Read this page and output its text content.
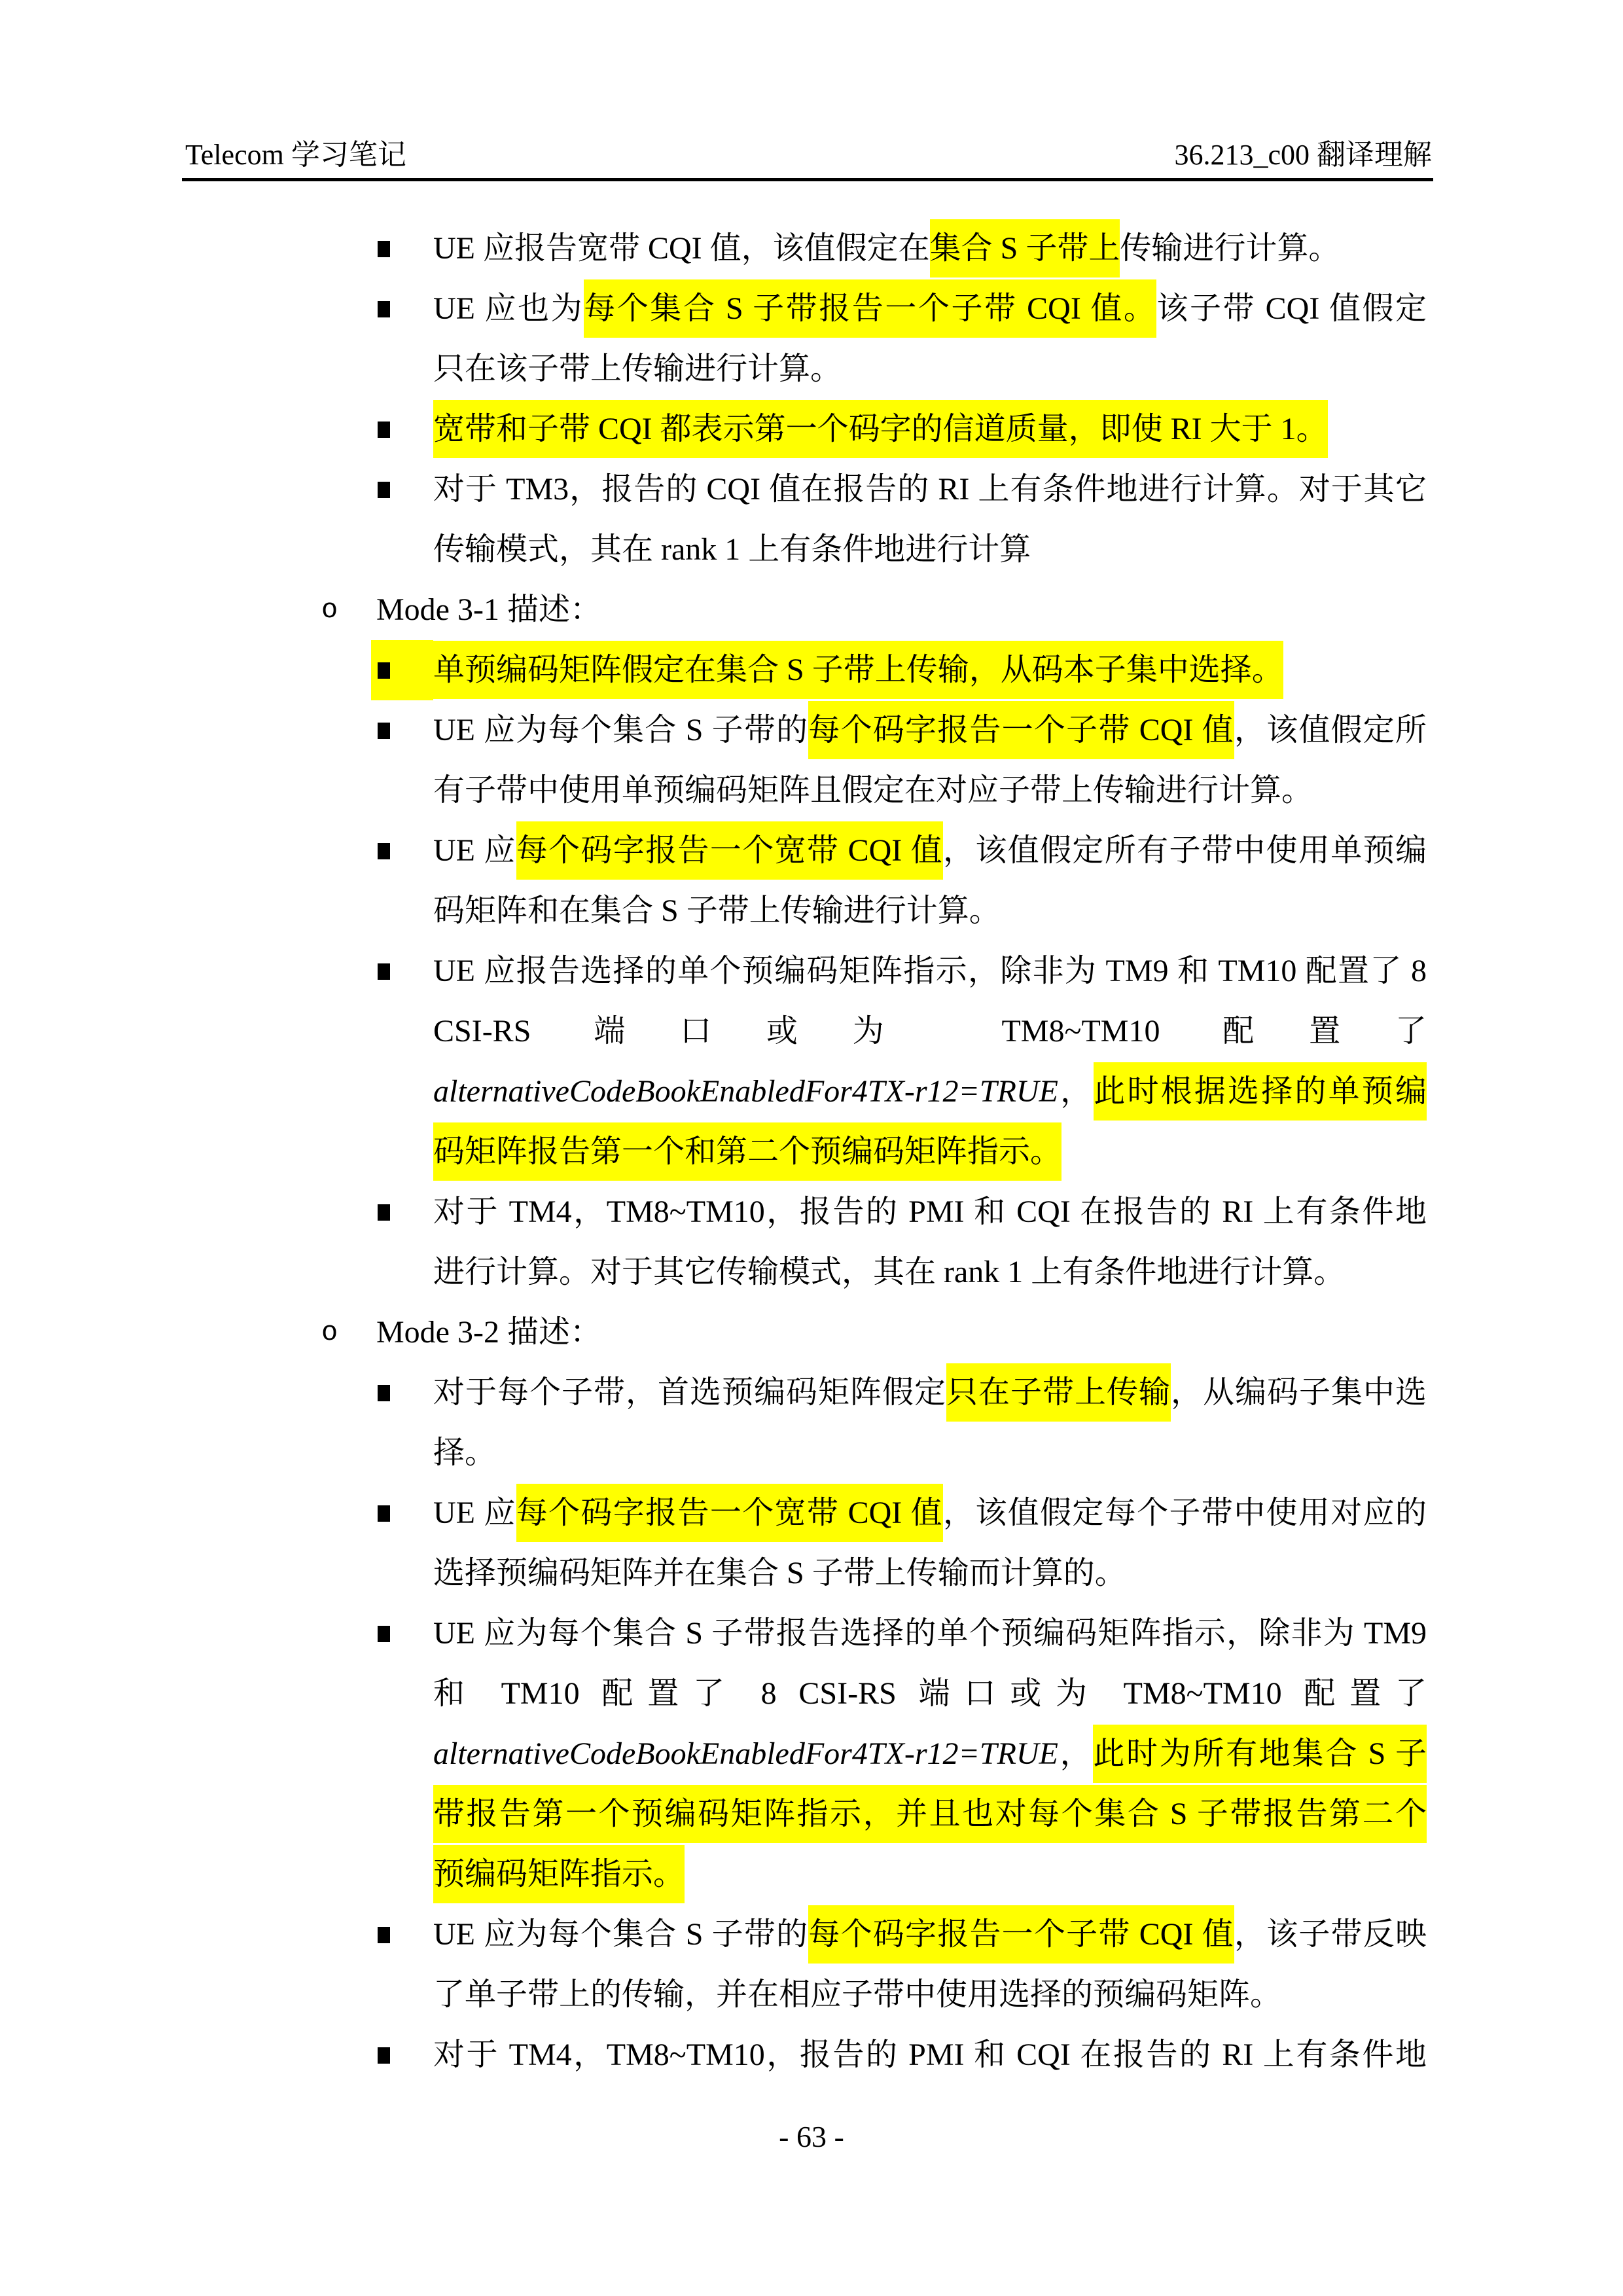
Telecom 学习笔记	36.213_c00 翻译理解
UE 应报告宽带 CQI 值，该值假定在集合 S 子带上传输进行计算。
UE 应也为每个集合 S 子带报告一个子带 CQI 值。该子带 CQI 值假定
只在该子带上传输进行计算。
宽带和子带 CQI 都表示第一个码字的信道质量，即使 RI 大于 1。
对于 TM3，报告的 CQI 值在报告的 RI 上有条件地进行计算。对于其它
传输模式，其在 rank 1 上有条件地进行计算
o Mode 3-1 描述：
单预编码矩阵假定在集合 S 子带上传输，从码本子集中选择。
UE 应为每个集合 S 子带的每个码字报告一个子带 CQI 值，该值假定所
有子带中使用单预编码矩阵且假定在对应子带上传输进行计算。
UE 应每个码字报告一个宽带 CQI 值，该值假定所有子带中使用单预编
码矩阵和在集合 S 子带上传输进行计算。
UE 应报告选择的单个预编码矩阵指示，除非为 TM9 和 TM10 配置了 8
CSI-RS 端口或为 TM8~TM10 配置了
alternativeCodeBookEnabledFor4TX-r12=TRUE，此时根据选择的单预编
码矩阵报告第一个和第二个预编码矩阵指示。
对于 TM4，TM8~TM10，报告的 PMI 和 CQI 在报告的 RI 上有条件地
进行计算。对于其它传输模式，其在 rank 1 上有条件地进行计算。
o Mode 3-2 描述：
对于每个子带，首选预编码矩阵假定只在子带上传输，从编码子集中选
择。
UE 应每个码字报告一个宽带 CQI 值，该值假定每个子带中使用对应的
选择预编码矩阵并在集合 S 子带上传输而计算的。
UE 应为每个集合 S 子带报告选择的单个预编码矩阵指示，除非为 TM9
和 TM10 配置了 8 CSI-RS 端口或为 TM8~TM10 配置了
alternativeCodeBookEnabledFor4TX-r12=TRUE，此时为所有地集合 S 子
带报告第一个预编码矩阵指示，并且也对每个集合 S 子带报告第二个
预编码矩阵指示。
UE 应为每个集合 S 子带的每个码字报告一个子带 CQI 值，该子带反映
了单子带上的传输，并在相应子带中使用选择的预编码矩阵。
对于 TM4，TM8~TM10，报告的 PMI 和 CQI 在报告的 RI 上有条件地
- 63 -
